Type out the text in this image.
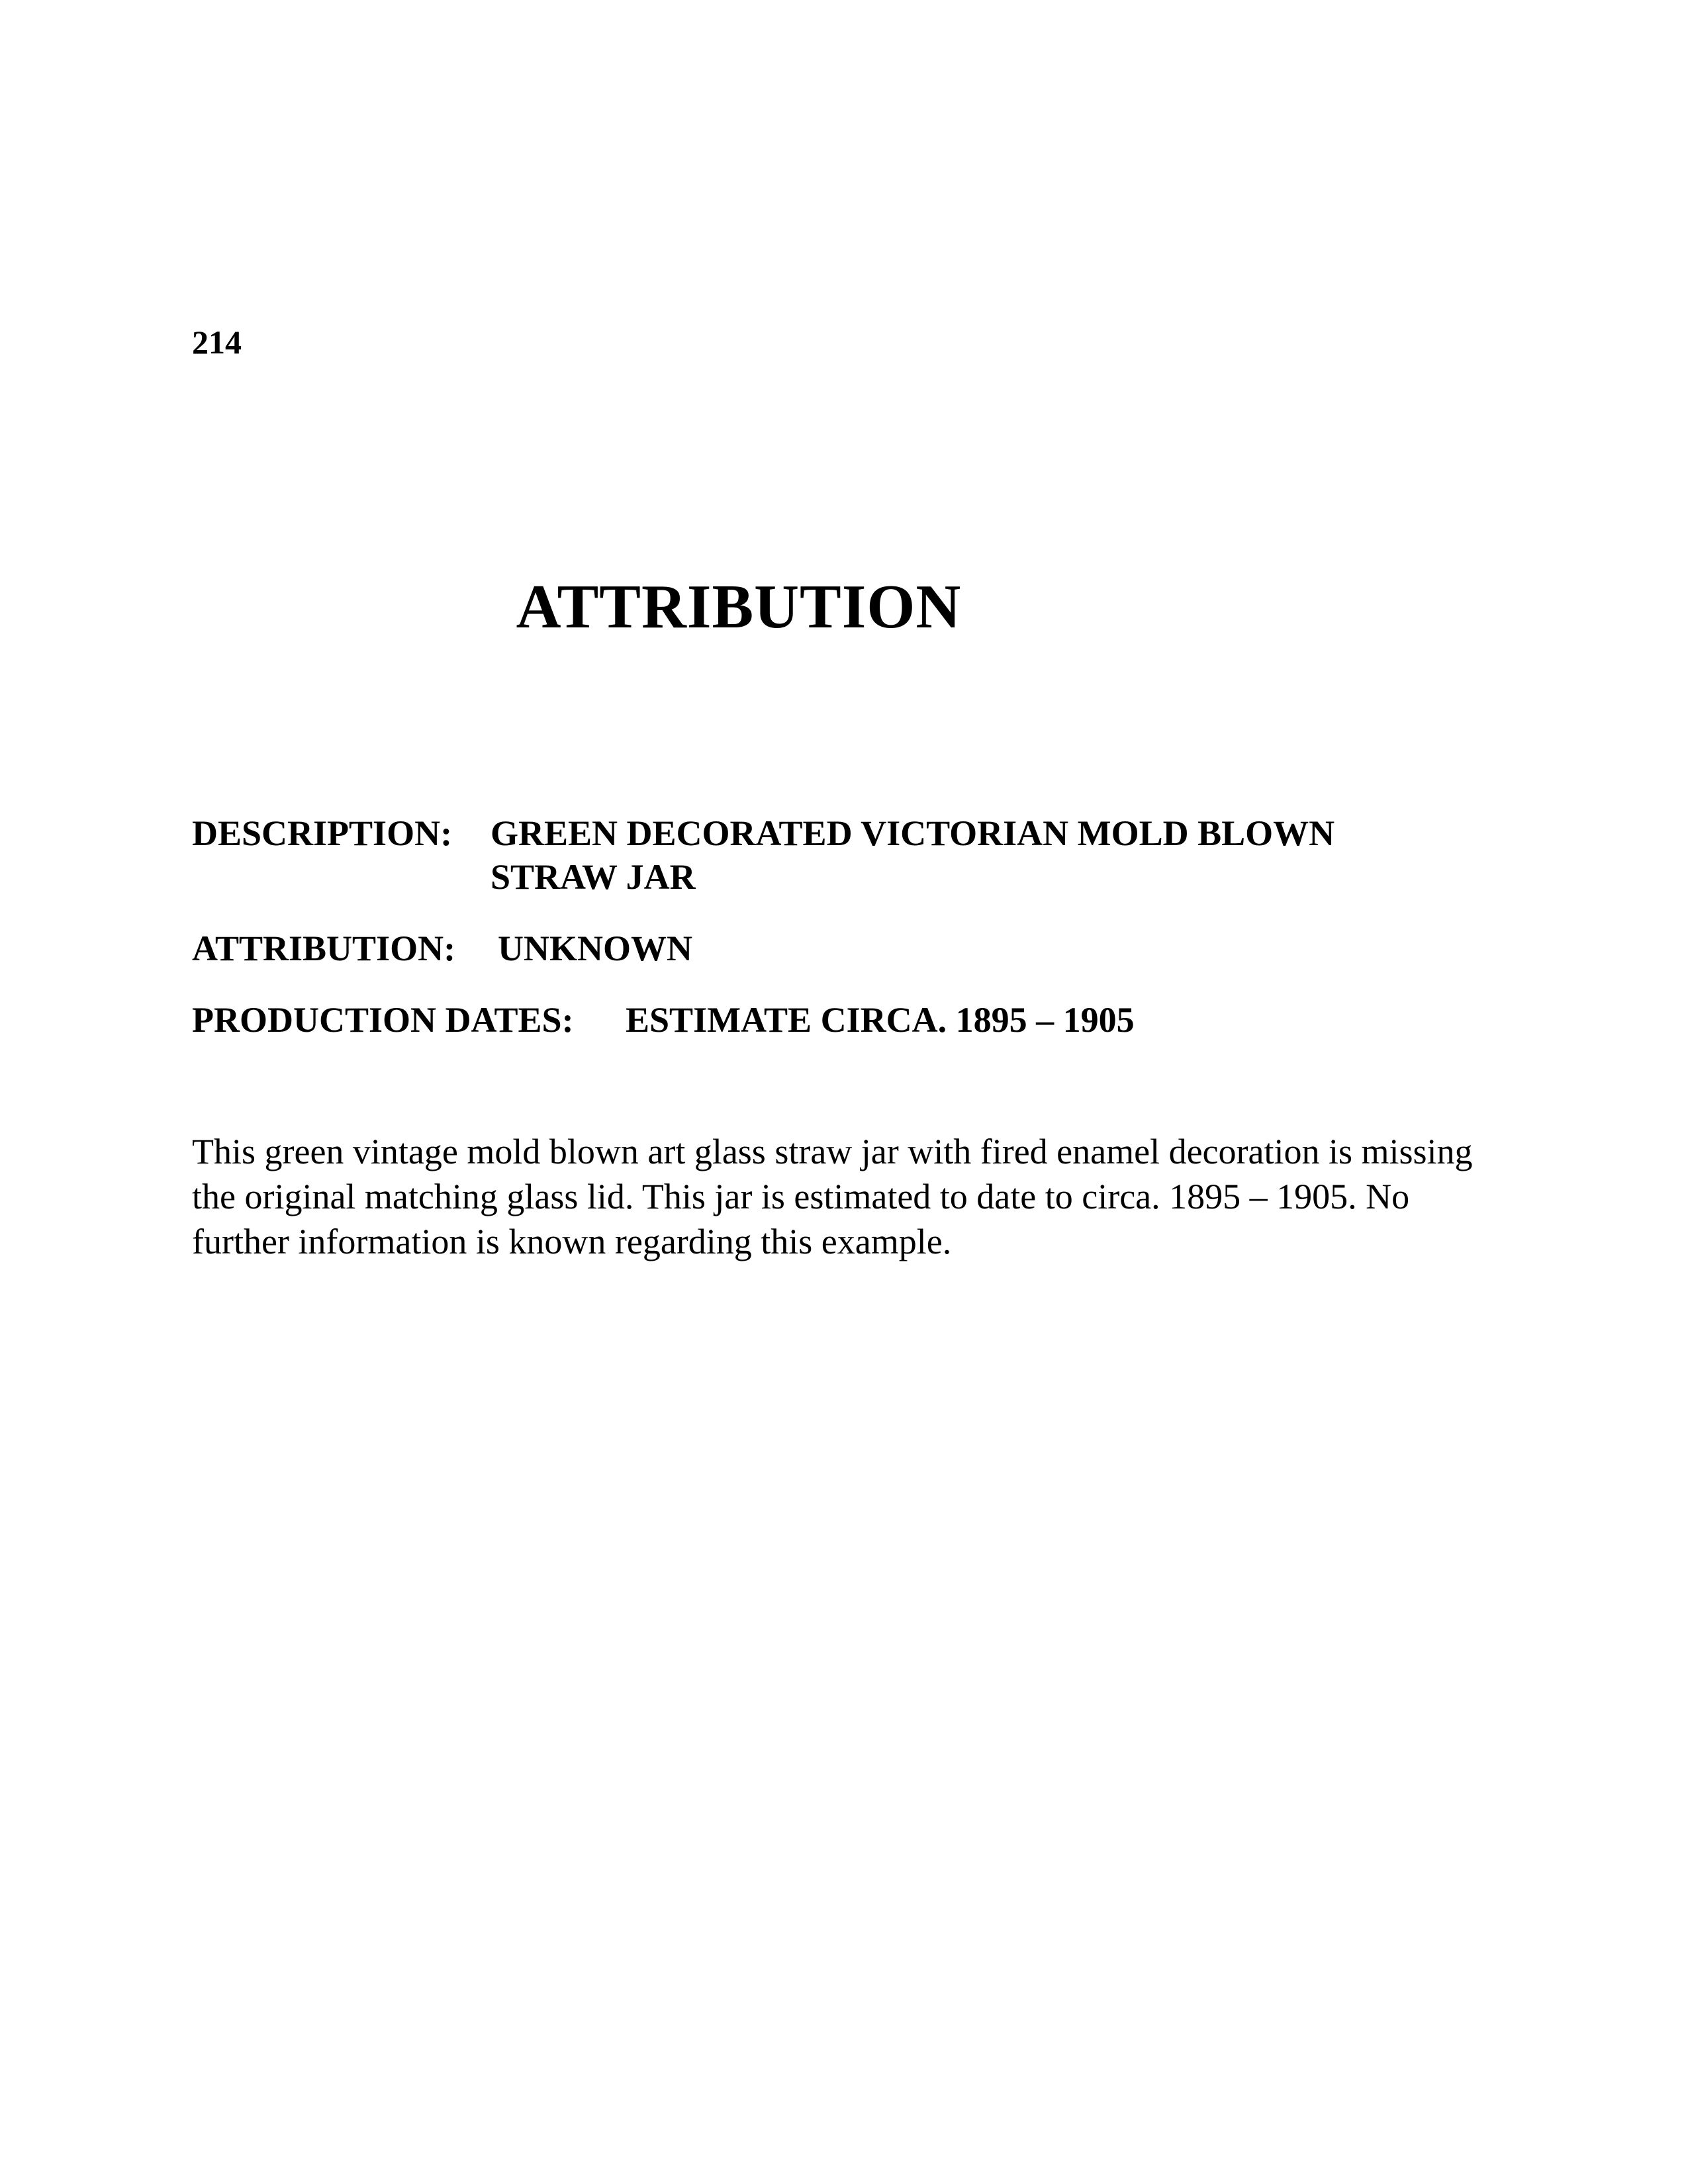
214
ATTRIBUTION
DESCRIPTION: GREEN DECORATED VICTORIAN MOLD BLOWN STRAW JAR
ATTRIBUTION: UNKNOWN
PRODUCTION DATES: ESTIMATE CIRCA. 1895 – 1905

This green vintage mold blown art glass straw jar with fired enamel decoration is missing the original matching glass lid. This jar is estimated to date to circa. 1895 – 1905. No further information is known regarding this example.
